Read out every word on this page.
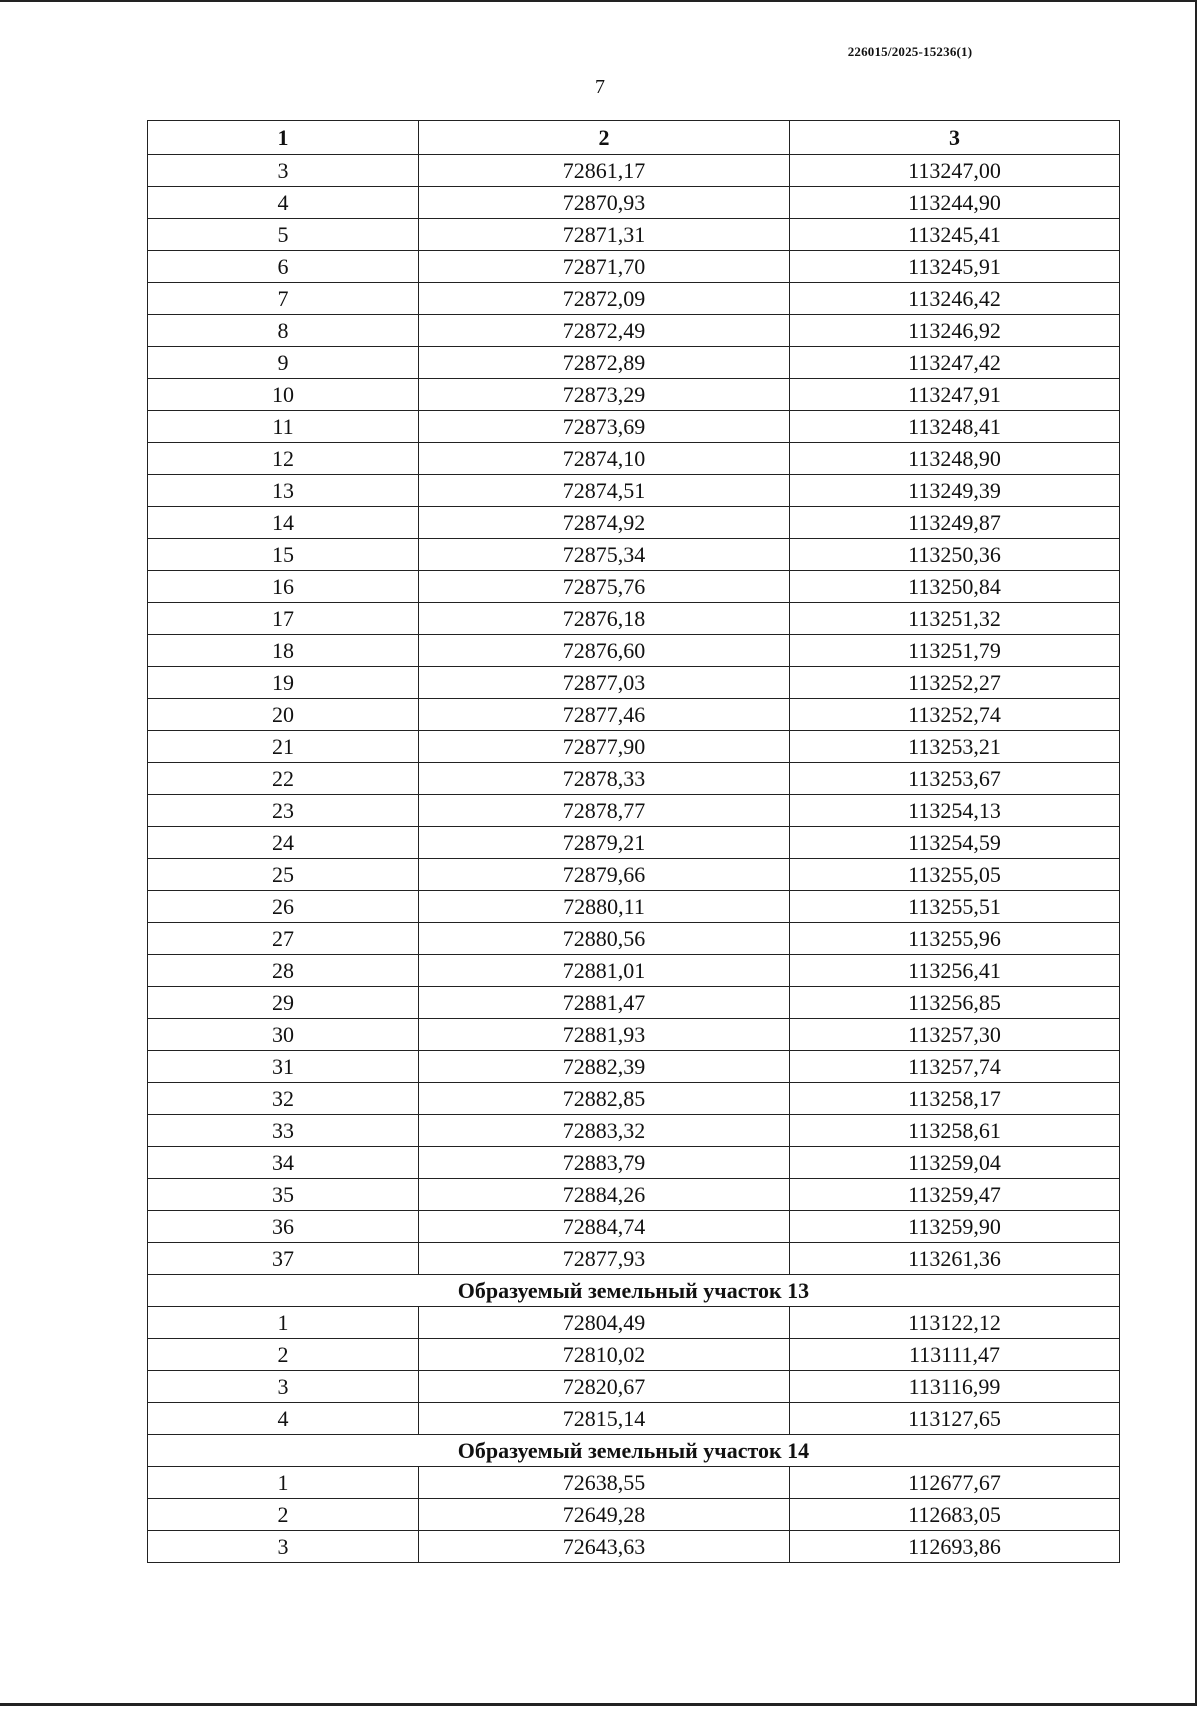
226015/2025-15236(1)
7
1	2	3
3	72861,17	113247,00
4	72870,93	113244,90
5	72871,31	113245,41
6	72871,70	113245,91
7	72872,09	113246,42
8	72872,49	113246,92
9	72872,89	113247,42
10	72873,29	113247,91
11	72873,69	113248,41
12	72874,10	113248,90
13	72874,51	113249,39
14	72874,92	113249,87
15	72875,34	113250,36
16	72875,76	113250,84
17	72876,18	113251,32
18	72876,60	113251,79
19	72877,03	113252,27
20	72877,46	113252,74
21	72877,90	113253,21
22	72878,33	113253,67
23	72878,77	113254,13
24	72879,21	113254,59
25	72879,66	113255,05
26	72880,11	113255,51
27	72880,56	113255,96
28	72881,01	113256,41
29	72881,47	113256,85
30	72881,93	113257,30
31	72882,39	113257,74
32	72882,85	113258,17
33	72883,32	113258,61
34	72883,79	113259,04
35	72884,26	113259,47
36	72884,74	113259,90
37	72877,93	113261,36
Образуемый земельный участок 13		
1	72804,49	113122,12
2	72810,02	113111,47
3	72820,67	113116,99
4	72815,14	113127,65
Образуемый земельный участок 14		
1	72638,55	112677,67
2	72649,28	112683,05
3	72643,63	112693,86
